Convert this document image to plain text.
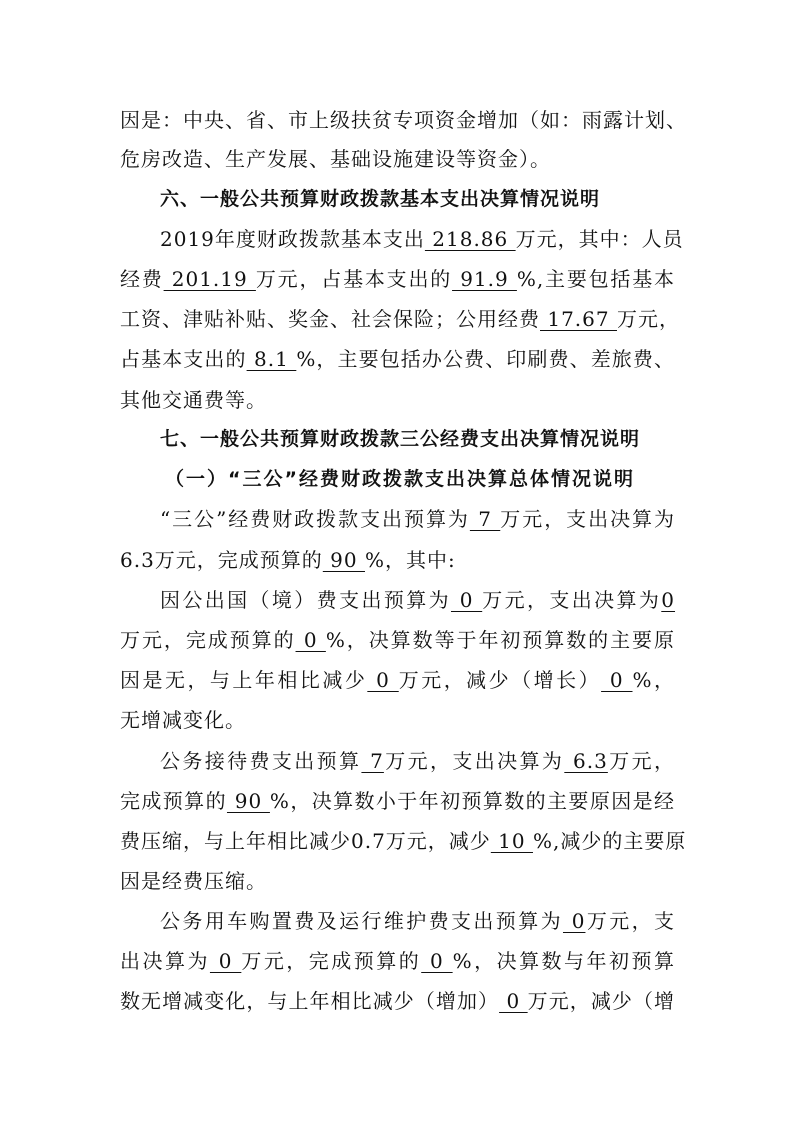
因是：中央、省、市上级扶贫专项资金增加（如：雨露计划、
危房改造、生产发展、基础设施建设等资金）。
六、一般公共预算财政拨款基本支出决算情况说明
2019年度财政拨款基本支出 218.86 万元，其中：人员
经费 201.19 万元，占基本支出的 91.9 %,主要包括基本
工资、津贴补贴、奖金、社会保险；公用经费 17.67 万元，
占基本支出的 8.1 %，主要包括办公费、印刷费、差旅费、
其他交通费等。
七、一般公共预算财政拨款三公经费支出决算情况说明
（一）“三公”经费财政拨款支出决算总体情况说明
“三公”经费财政拨款支出预算为 7 万元，支出决算为
6.3万元，完成预算的 90 %，其中:
因公出国（境）费支出预算为 0 万元，支出决算为0
万元，完成预算的 0 %，决算数等于年初预算数的主要原
因是无，与上年相比减少 0 万元，减少（增长） 0 %，
无增减变化。
公务接待费支出预算 7万元，支出决算为 6.3万元，
完成预算的 90 %，决算数小于年初预算数的主要原因是经
费压缩，与上年相比减少0.7万元，减少 10 %,减少的主要原
因是经费压缩。
公务用车购置费及运行维护费支出预算为 0万元，支
出决算为 0 万元，完成预算的 0 %，决算数与年初预算
数无增减变化，与上年相比减少（增加） 0 万元，减少（增
